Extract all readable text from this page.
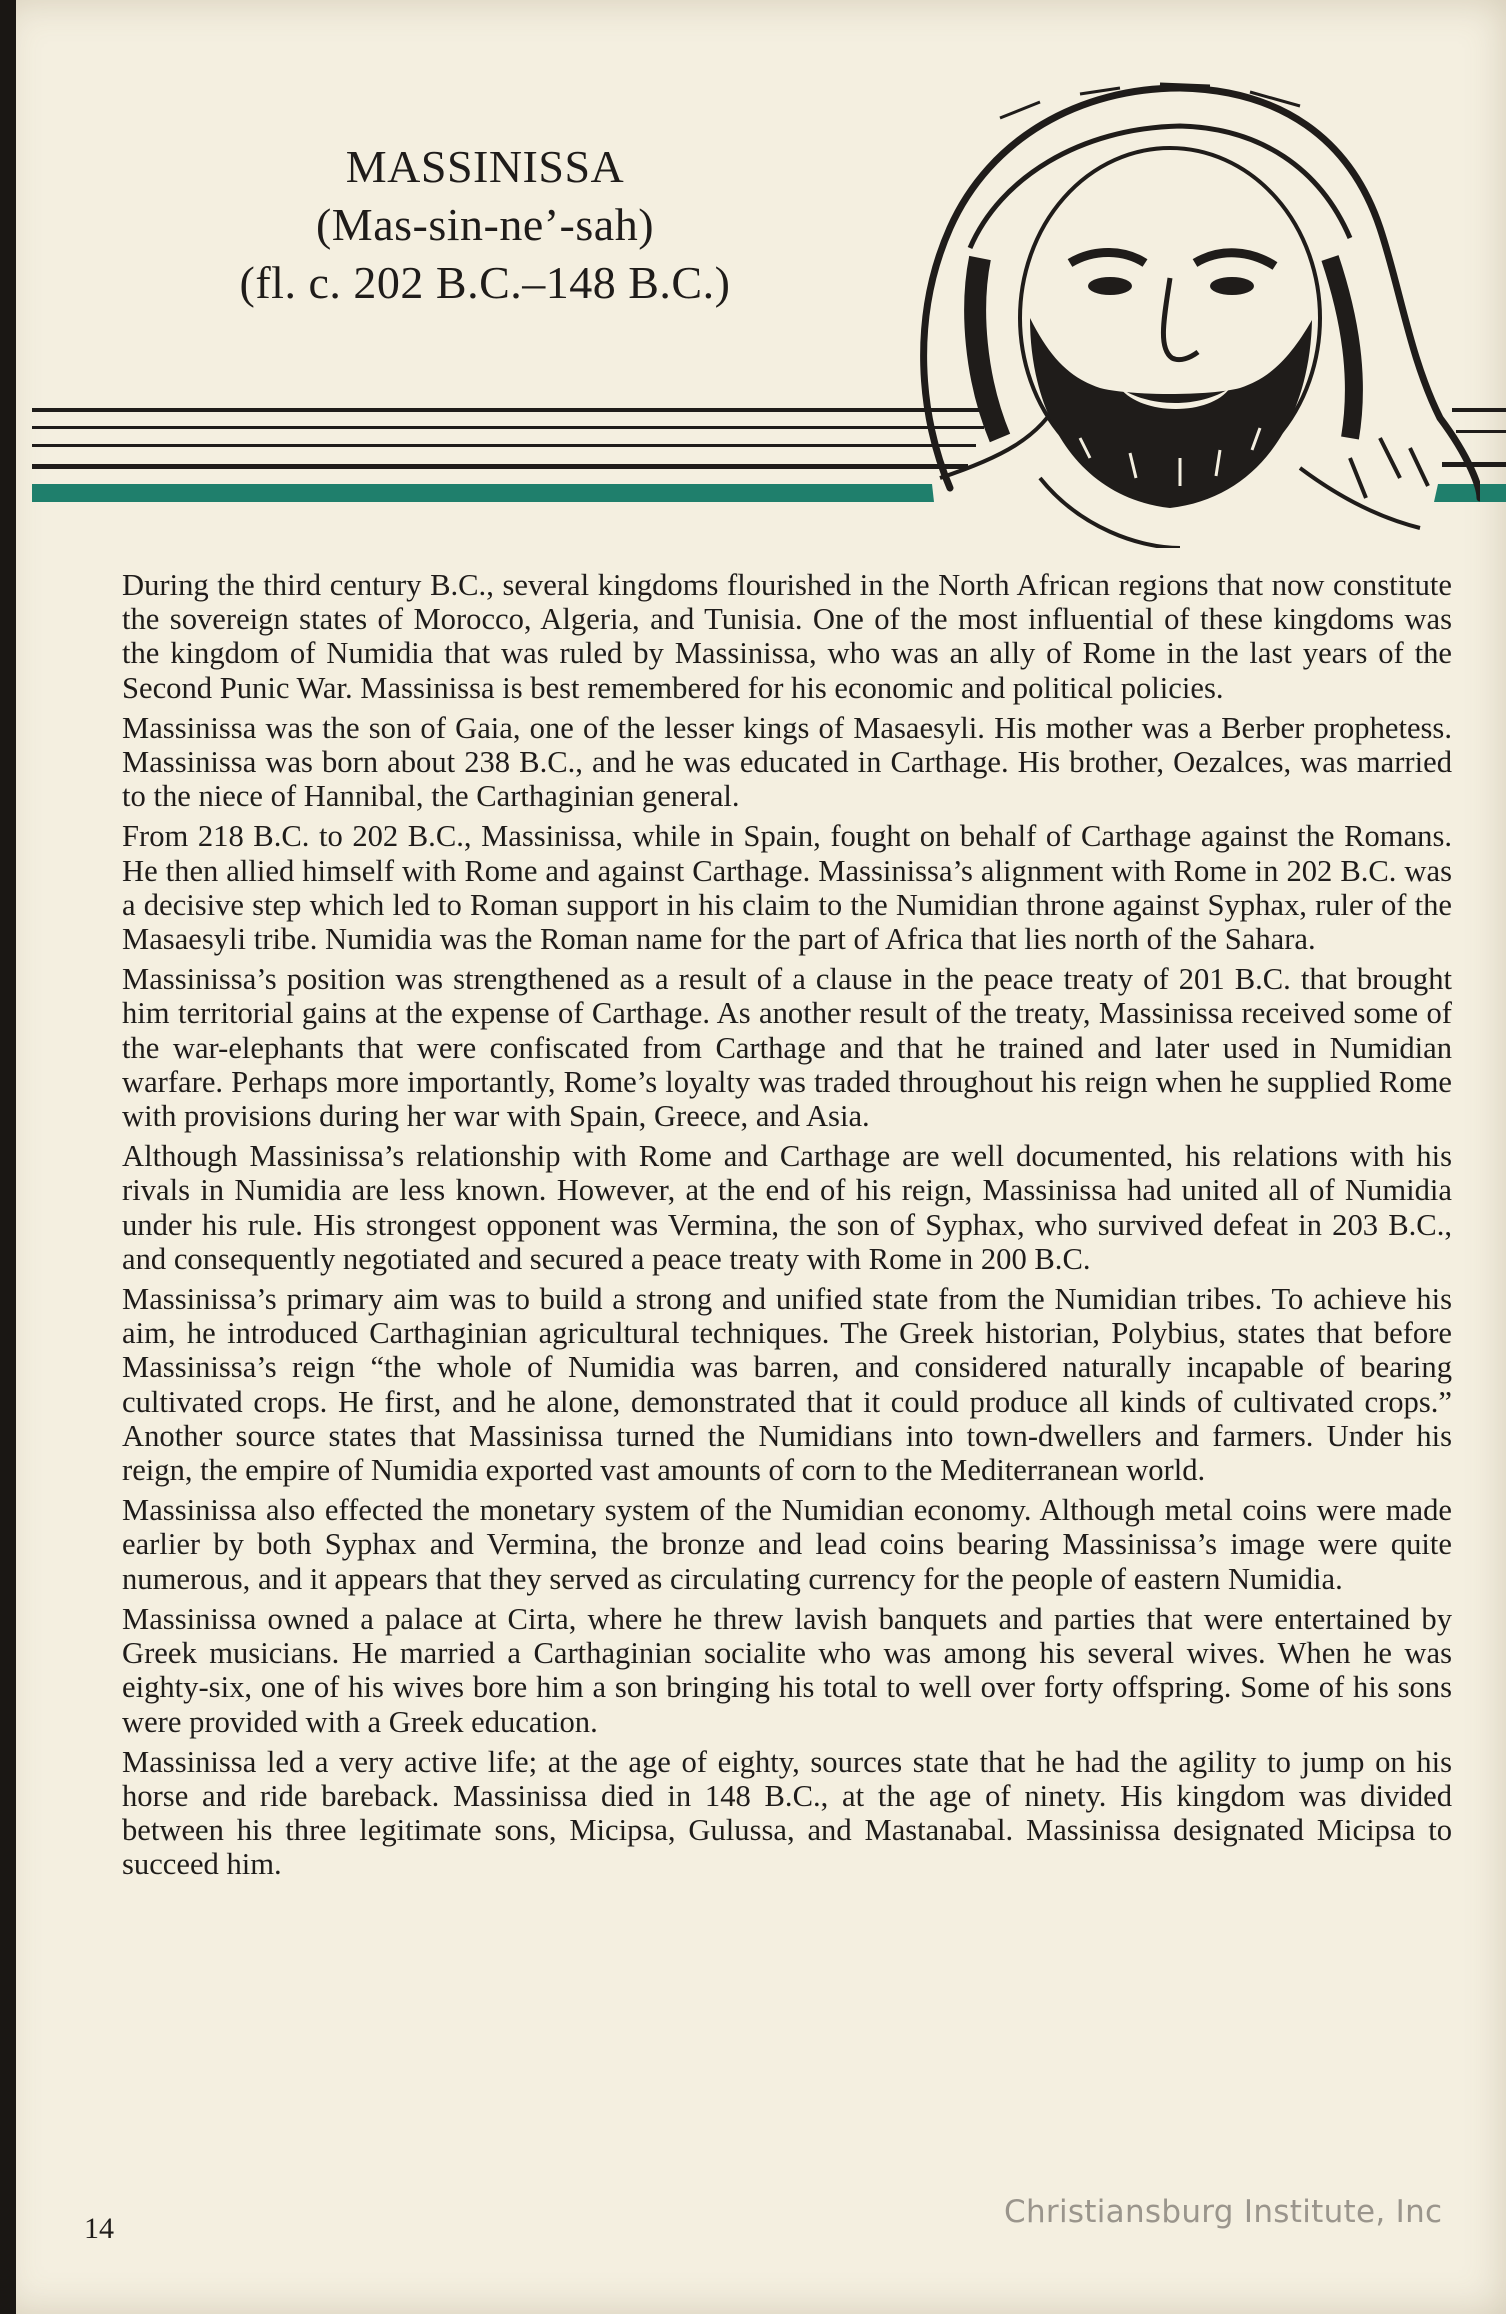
MASSINISSA
(Mas-sin-ne’-sah)
(fl. c. 202 B.C.–148 B.C.)

During the third century B.C., several kingdoms flourished in the North African regions that now constitute the sovereign states of Morocco, Algeria, and Tunisia. One of the most influential of these kingdoms was the kingdom of Numidia that was ruled by Massinissa, who was an ally of Rome in the last years of the Second Punic War. Massinissa is best remembered for his economic and political policies.

Massinissa was the son of Gaia, one of the lesser kings of Masaesyli. His mother was a Berber prophetess. Massinissa was born about 238 B.C., and he was educated in Carthage. His brother, Oezalces, was married to the niece of Hannibal, the Carthaginian general.

From 218 B.C. to 202 B.C., Massinissa, while in Spain, fought on behalf of Carthage against the Romans. He then allied himself with Rome and against Carthage. Massinissa’s alignment with Rome in 202 B.C. was a decisive step which led to Roman support in his claim to the Numidian throne against Syphax, ruler of the Masaesyli tribe. Numidia was the Roman name for the part of Africa that lies north of the Sahara.

Massinissa’s position was strengthened as a result of a clause in the peace treaty of 201 B.C. that brought him territorial gains at the expense of Carthage. As another result of the treaty, Massinissa received some of the war-elephants that were confiscated from Carthage and that he trained and later used in Numidian warfare. Perhaps more importantly, Rome’s loyalty was traded throughout his reign when he supplied Rome with provisions during her war with Spain, Greece, and Asia.

Although Massinissa’s relationship with Rome and Carthage are well documented, his relations with his rivals in Numidia are less known. However, at the end of his reign, Massinissa had united all of Numidia under his rule. His strongest opponent was Vermina, the son of Syphax, who survived defeat in 203 B.C., and consequently negotiated and secured a peace treaty with Rome in 200 B.C.

Massinissa’s primary aim was to build a strong and unified state from the Numidian tribes. To achieve his aim, he introduced Carthaginian agricultural techniques. The Greek historian, Polybius, states that before Massinissa’s reign “the whole of Numidia was barren, and considered naturally incapable of bearing cultivated crops. He first, and he alone, demonstrated that it could produce all kinds of cultivated crops.” Another source states that Massinissa turned the Numidians into town-dwellers and farmers. Under his reign, the empire of Numidia exported vast amounts of corn to the Mediterranean world.

Massinissa also effected the monetary system of the Numidian economy. Although metal coins were made earlier by both Syphax and Vermina, the bronze and lead coins bearing Massinissa’s image were quite numerous, and it appears that they served as circulating currency for the people of eastern Numidia.

Massinissa owned a palace at Cirta, where he threw lavish banquets and parties that were entertained by Greek musicians. He married a Carthaginian socialite who was among his several wives. When he was eighty-six, one of his wives bore him a son bringing his total to well over forty offspring. Some of his sons were provided with a Greek education.

Massinissa led a very active life; at the age of eighty, sources state that he had the agility to jump on his horse and ride bareback. Massinissa died in 148 B.C., at the age of ninety. His kingdom was divided between his three legitimate sons, Micipsa, Gulussa, and Mastanabal. Massinissa designated Micipsa to succeed him.

14	Christiansburg Institute, Inc
